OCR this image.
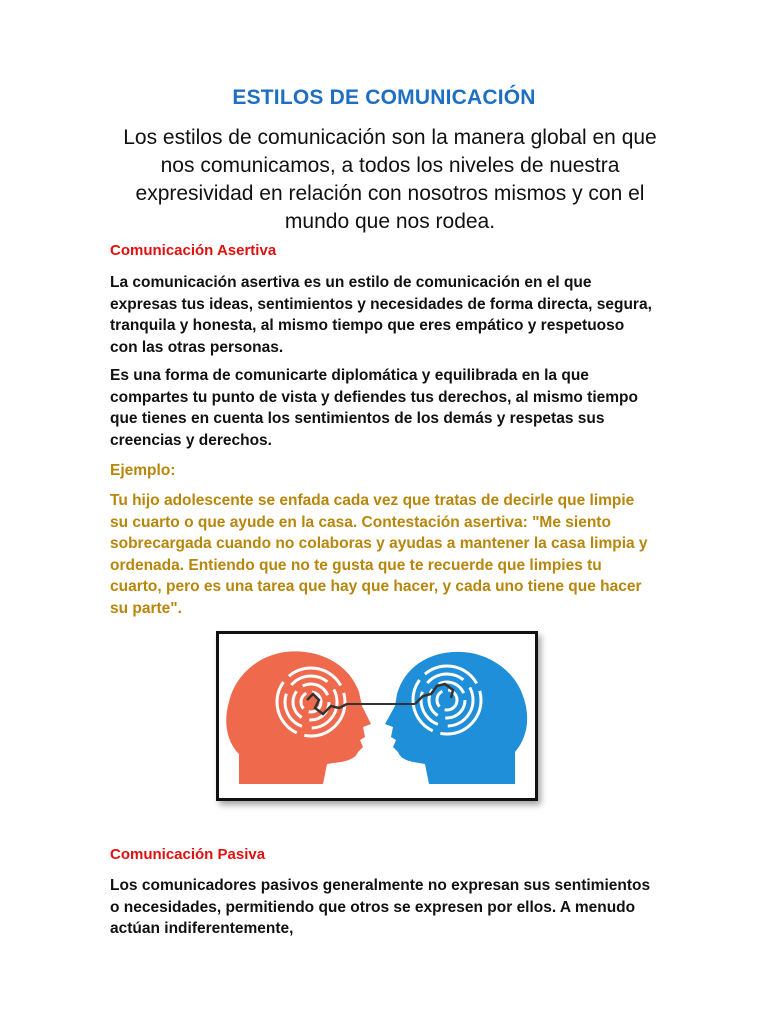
ESTILOS DE COMUNICACIÓN
Los estilos de comunicación son la manera global en que nos comunicamos, a todos los niveles de nuestra expresividad en relación con nosotros mismos y con el mundo que nos rodea.
Comunicación Asertiva
La comunicación asertiva es un estilo de comunicación en el que expresas tus ideas, sentimientos y necesidades de forma directa, segura, tranquila y honesta, al mismo tiempo que eres empático y respetuoso con las otras personas.
Es una forma de comunicarte diplomática y equilibrada en la que compartes tu punto de vista y defiendes tus derechos, al mismo tiempo que tienes en cuenta los sentimientos de los demás y respetas sus creencias y derechos.
Ejemplo:
Tu hijo adolescente se enfada cada vez que tratas de decirle que limpie su cuarto o que ayude en la casa. Contestación asertiva: "Me siento sobrecargada cuando no colaboras y ayudas a mantener la casa limpia y ordenada. Entiendo que no te gusta que te recuerde que limpies tu cuarto, pero es una tarea que hay que hacer, y cada uno tiene que hacer su parte".
Comunicación Pasiva
Los comunicadores pasivos generalmente no expresan sus sentimientos o necesidades, permitiendo que otros se expresen por ellos. A menudo actúan indiferentemente,
